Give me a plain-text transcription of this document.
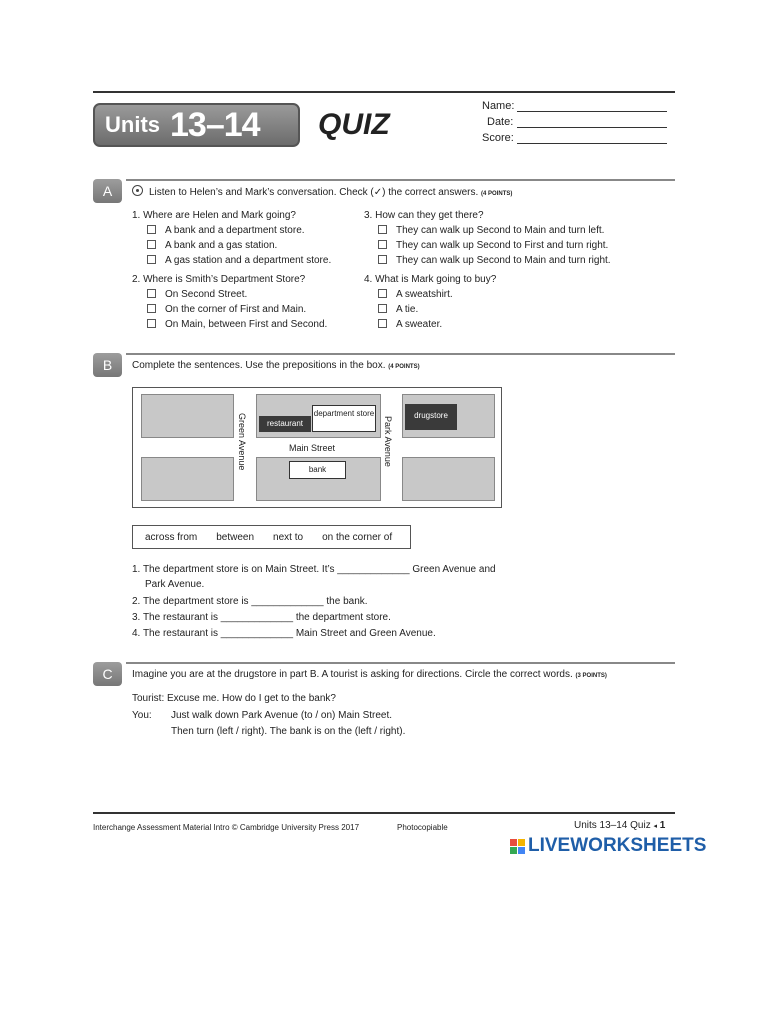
Units 13–14 QUIZ
Name:
Date:
Score:
A	Listen to Helen’s and Mark’s conversation. Check (✓) the correct answers. (4 POINTS)
1. Where are Helen and Mark going?
A bank and a department store.
A bank and a gas station.
A gas station and a department store.
2. Where is Smith’s Department Store?
On Second Street.
On the corner of First and Main.
On Main, between First and Second.
3. How can they get there?
They can walk up Second to Main and turn left.
They can walk up Second to First and turn right.
They can walk up Second to Main and turn right.
4. What is Mark going to buy?
A sweatshirt.
A tie.
A sweater.
B	Complete the sentences. Use the prepositions in the box. (4 POINTS)
restaurant
department store	drugstore
bank
Main Street
Green Avenue	Park Avenue
across from between next to on the corner of
1. The department store is on Main Street. It’s _____________ Green Avenue and
Park Avenue.
2. The department store is _____________ the bank.
3. The restaurant is _____________ the department store.
4. The restaurant is _____________ Main Street and Green Avenue.
C	Imagine you are at the drugstore in part B. A tourist is asking for directions. Circle the correct words. (3 POINTS)
Tourist: Excuse me. How do I get to the bank?
You: Just walk down Park Avenue (to / on) Main Street.
Then turn (left / right). The bank is on the (left / right).
Interchange Assessment Material Intro © Cambridge University Press 2017	Photocopiable	Units 13–14 Quiz ◂ 1
LIVEWORKSHEETS
